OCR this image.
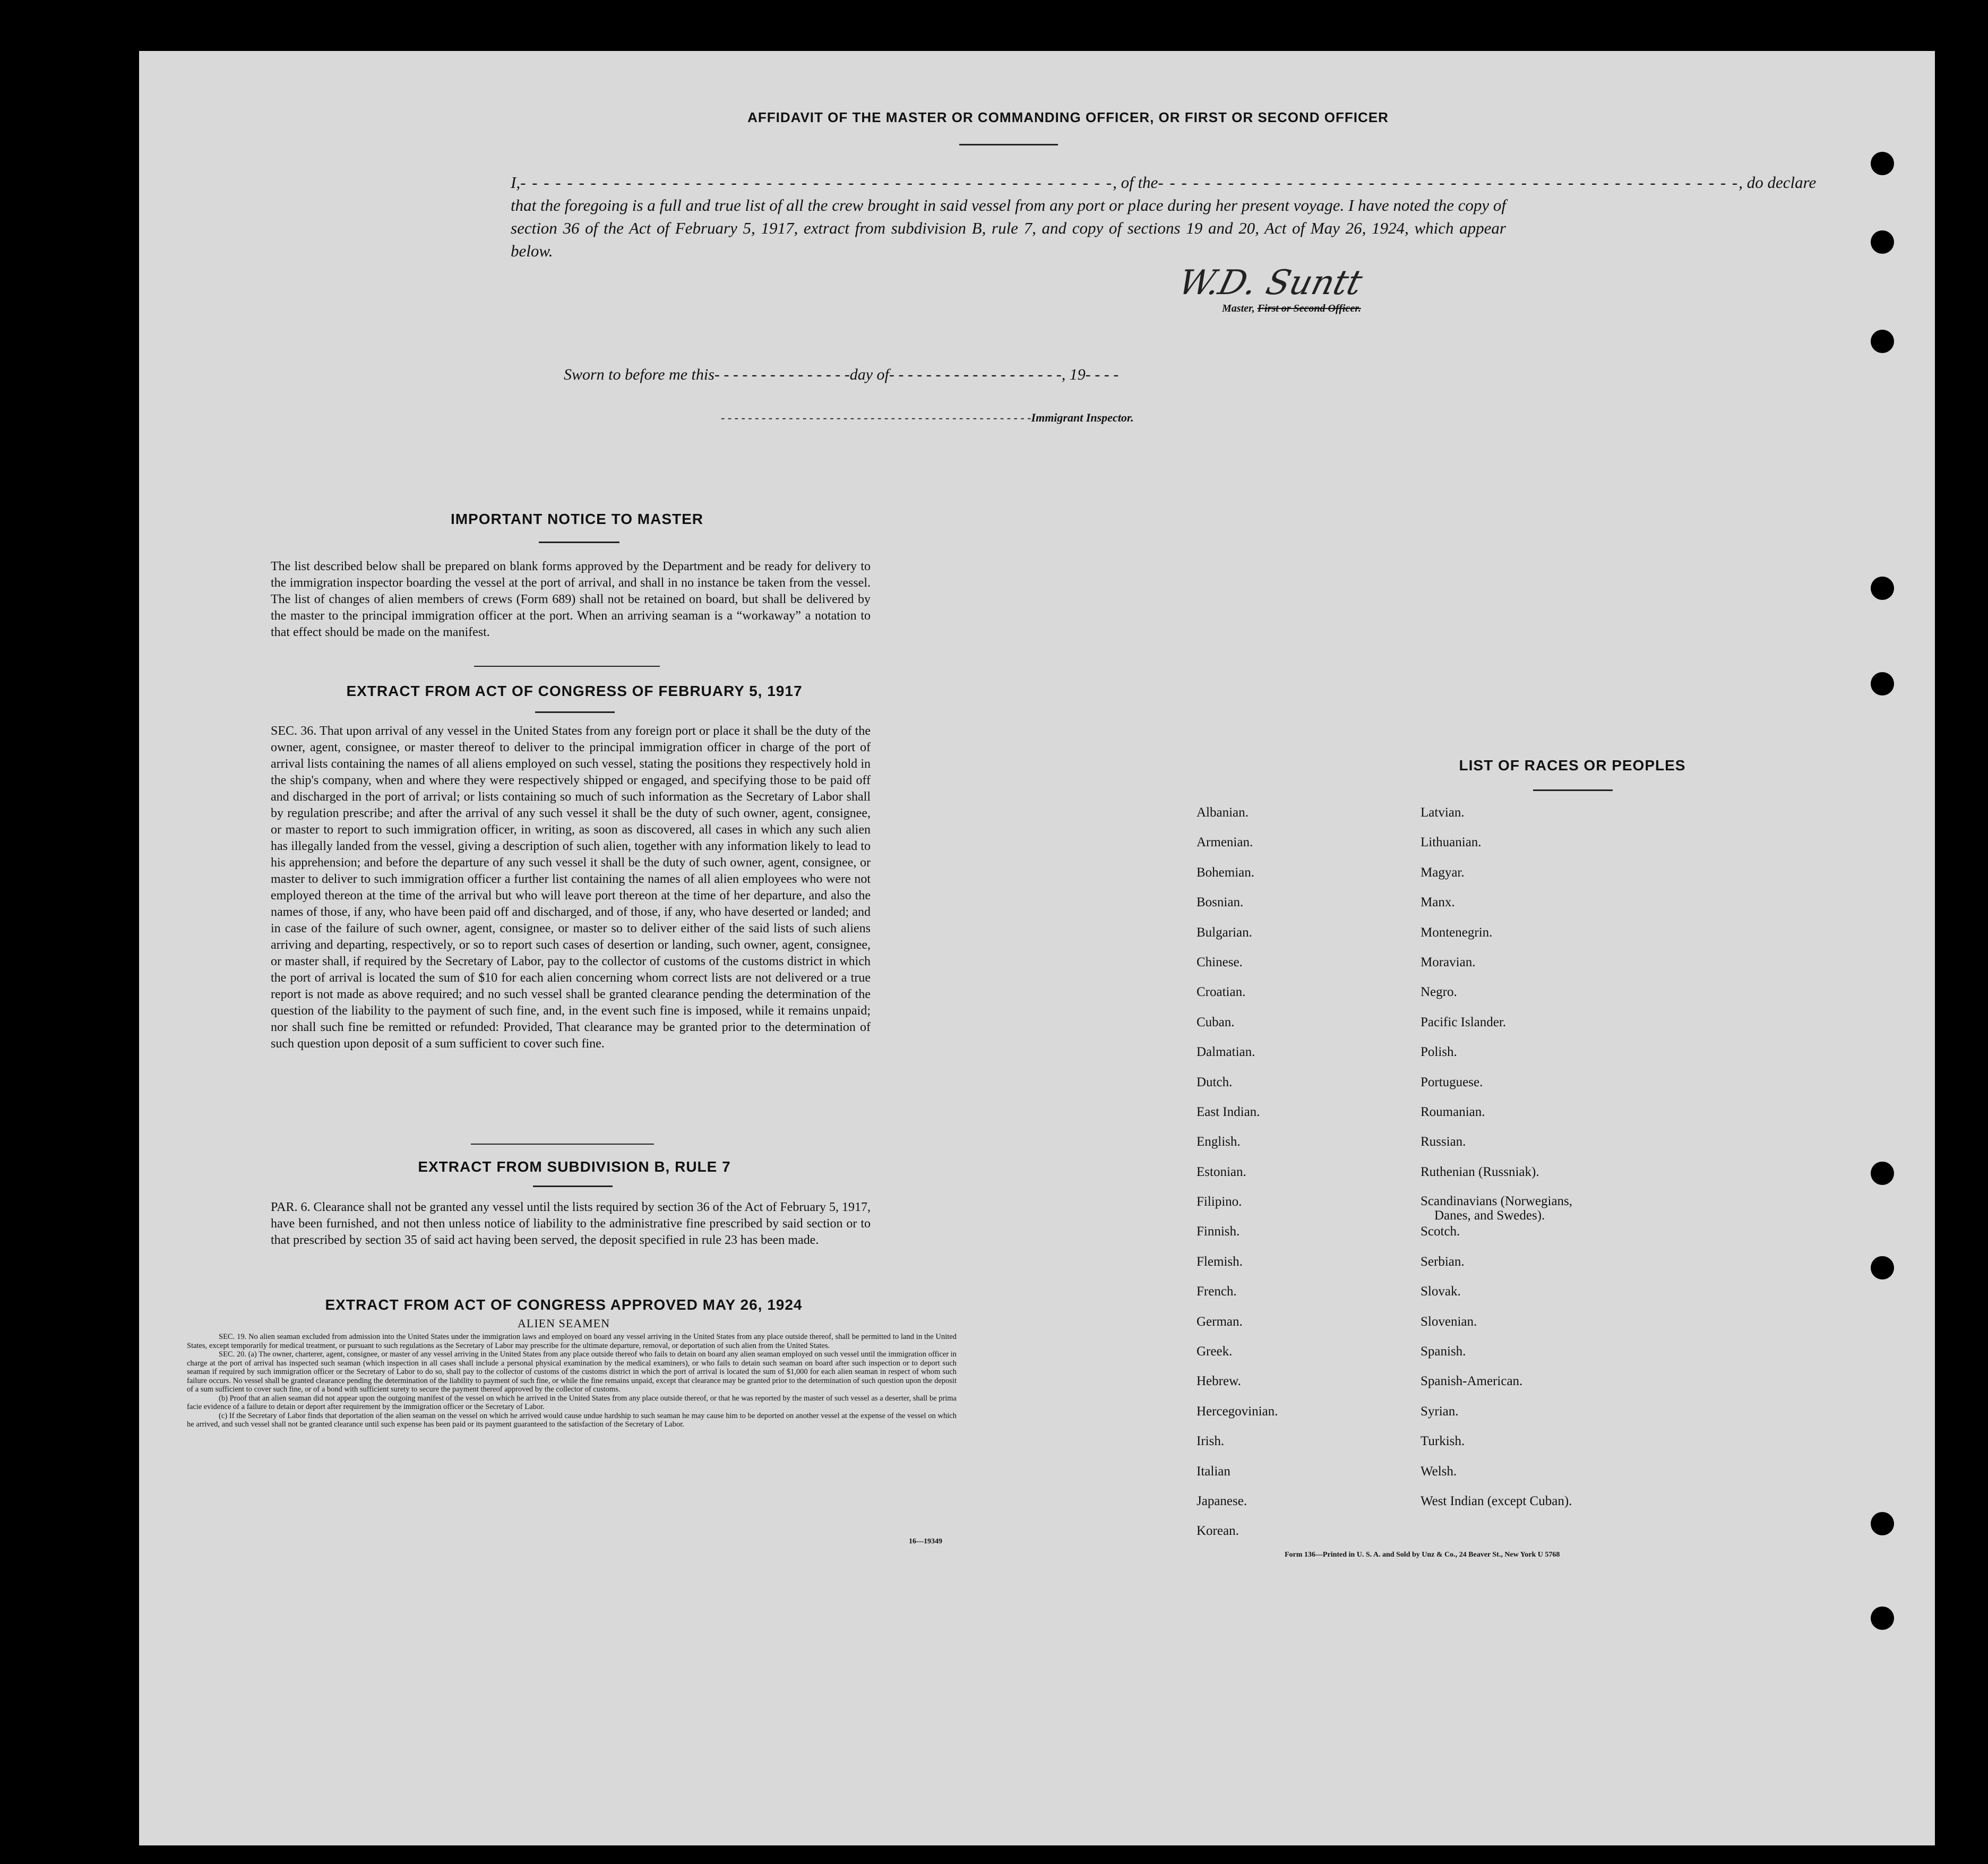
AFFIDAVIT OF THE MASTER OR COMMANDING OFFICER, OR FIRST OR SECOND OFFICER
I,- - - - - - - - - - - - - - - - - - - - - - - - - - - - - - - - - - - - - - - - - - - - - - - - - - -, of the- - - - - - - - - - - - - - - - - - - - - - - - - - - - - - - - - - - - - - - - - - - - - - - - - -, do declare
that the foregoing is a full and true list of all the crew brought in said vessel from any port or place during her present voyage. I have noted the copy of section 36 of the Act of February 5, 1917, extract from subdivision B, rule 7, and copy of sections 19 and 20, Act of May 26, 1924, which appear below.
W.D. Suntt
Master, First or Second Officer.
Sworn to before me this- - - - - - - - - - - - - - -day of- - - - - - - - - - - - - - - - - - -, 19- - - -
- - - - - - - - - - - - - - - - - - - - - - - - - - - - - - - - - - - - - - - - - - - - - -Immigrant Inspector.
IMPORTANT NOTICE TO MASTER
The list described below shall be prepared on blank forms approved by the Department and be ready for delivery to the immigration inspector boarding the vessel at the port of arrival, and shall in no instance be taken from the vessel. The list of changes of alien members of crews (Form 689) shall not be retained on board, but shall be delivered by the master to the principal immigration officer at the port. When an arriving seaman is a “workaway” a notation to that effect should be made on the manifest.
EXTRACT FROM ACT OF CONGRESS OF FEBRUARY 5, 1917
SEC. 36. That upon arrival of any vessel in the United States from any foreign port or place it shall be the duty of the owner, agent, consignee, or master thereof to deliver to the principal immigration officer in charge of the port of arrival lists containing the names of all aliens employed on such vessel, stating the positions they respectively hold in the ship's company, when and where they were respectively shipped or engaged, and specifying those to be paid off and discharged in the port of arrival; or lists containing so much of such information as the Secretary of Labor shall by regulation prescribe; and after the arrival of any such vessel it shall be the duty of such owner, agent, consignee, or master to report to such immigration officer, in writing, as soon as discovered, all cases in which any such alien has illegally landed from the vessel, giving a description of such alien, together with any information likely to lead to his apprehension; and before the departure of any such vessel it shall be the duty of such owner, agent, consignee, or master to deliver to such immigration officer a further list containing the names of all alien employees who were not employed thereon at the time of the arrival but who will leave port thereon at the time of her departure, and also the names of those, if any, who have been paid off and discharged, and of those, if any, who have deserted or landed; and in case of the failure of such owner, agent, consignee, or master so to deliver either of the said lists of such aliens arriving and departing, respectively, or so to report such cases of desertion or landing, such owner, agent, consignee, or master shall, if required by the Secretary of Labor, pay to the collector of customs of the customs district in which the port of arrival is located the sum of $10 for each alien concerning whom correct lists are not delivered or a true report is not made as above required; and no such vessel shall be granted clearance pending the determination of the question of the liability to the payment of such fine, and, in the event such fine is imposed, while it remains unpaid; nor shall such fine be remitted or refunded: Provided, That clearance may be granted prior to the determination of such question upon deposit of a sum sufficient to cover such fine.
EXTRACT FROM SUBDIVISION B, RULE 7
PAR. 6. Clearance shall not be granted any vessel until the lists required by section 36 of the Act of February 5, 1917, have been furnished, and not then unless notice of liability to the administrative fine prescribed by said section or to that prescribed by section 35 of said act having been served, the deposit specified in rule 23 has been made.
EXTRACT FROM ACT OF CONGRESS APPROVED MAY 26, 1924
ALIEN SEAMEN

SEC. 19. No alien seaman excluded from admission into the United States under the immigration laws and employed on board any vessel arriving in the United States from any place outside thereof, shall be permitted to land in the United States, except temporarily for medical treatment, or pursuant to such regulations as the Secretary of Labor may prescribe for the ultimate departure, removal, or deportation of such alien from the United States.

SEC. 20. (a) The owner, charterer, agent, consignee, or master of any vessel arriving in the United States from any place outside thereof who fails to detain on board any alien seaman employed on such vessel until the immigration officer in charge at the port of arrival has inspected such seaman (which inspection in all cases shall include a personal physical examination by the medical examiners), or who fails to detain such seaman on board after such inspection or to deport such seaman if required by such immigration officer or the Secretary of Labor to do so, shall pay to the collector of customs of the customs district in which the port of arrival is located the sum of $1,000 for each alien seaman in respect of whom such failure occurs. No vessel shall be granted clearance pending the determination of the liability to payment of such fine, or while the fine remains unpaid, except that clearance may be granted prior to the determination of such question upon the deposit of a sum sufficient to cover such fine, or of a bond with sufficient surety to secure the payment thereof approved by the collector of customs.

(b) Proof that an alien seaman did not appear upon the outgoing manifest of the vessel on which he arrived in the United States from any place outside thereof, or that he was reported by the master of such vessel as a deserter, shall be prima facie evidence of a failure to detain or deport after requirement by the immigration officer or the Secretary of Labor.

(c) If the Secretary of Labor finds that deportation of the alien seaman on the vessel on which he arrived would cause undue hardship to such seaman he may cause him to be deported on another vessel at the expense of the vessel on which he arrived, and such vessel shall not be granted clearance until such expense has been paid or its payment guaranteed to the satisfaction of the Secretary of Labor.

16—19349
LIST OF RACES OR PEOPLES
Albanian.
Armenian.
Bohemian.
Bosnian.
Bulgarian.
Chinese.
Croatian.
Cuban.
Dalmatian.
Dutch.
East Indian.
English.
Estonian.
Filipino.
Finnish.
Flemish.
French.
German.
Greek.
Hebrew.
Hercegovinian.
Irish.
Italian
Japanese.
Korean.
Latvian.
Lithuanian.
Magyar.
Manx.
Montenegrin.
Moravian.
Negro.
Pacific Islander.
Polish.
Portuguese.
Roumanian.
Russian.
Ruthenian (Russniak).
Scandinavians (Norwegians,
Danes, and Swedes).
Scotch.
Serbian.
Slovak.
Slovenian.
Spanish.
Spanish-American.
Syrian.
Turkish.
Welsh.
West Indian (except Cuban).
Form 136—Printed in U. S. A. and Sold by Unz & Co., 24 Beaver St., New York U 5768
